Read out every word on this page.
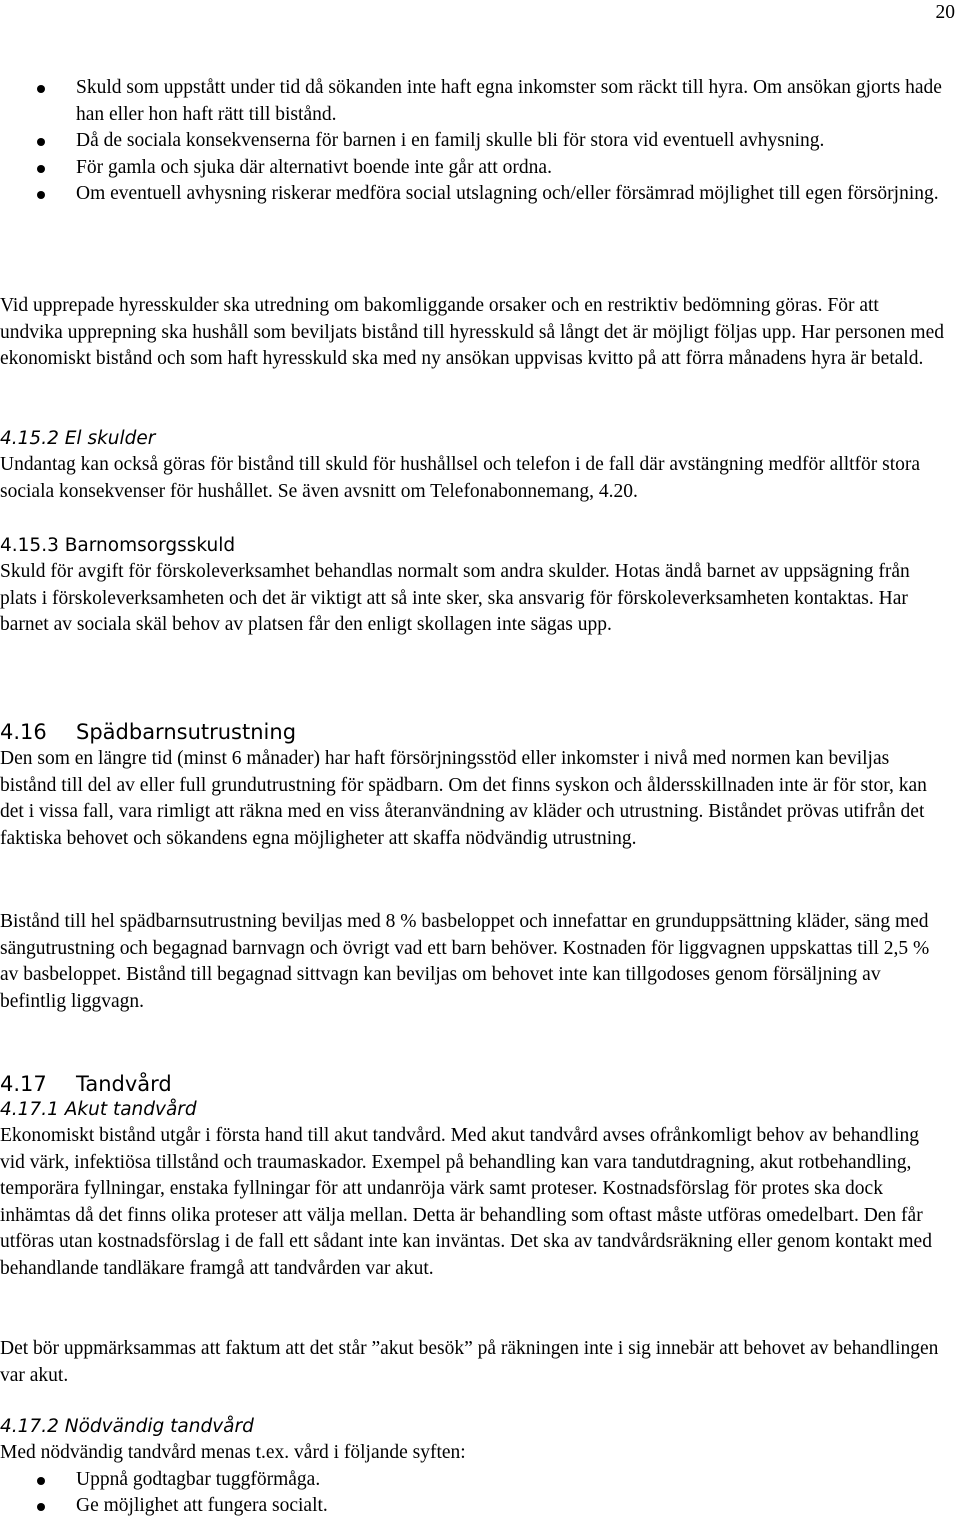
20
Skuld som uppstått under tid då sökanden inte haft egna inkomster som räckt till hyra. Om ansökan gjorts hade han eller hon haft rätt till bistånd.
Då de sociala konsekvenserna för barnen i en familj skulle bli för stora vid eventuell avhysning.
För gamla och sjuka där alternativt boende inte går att ordna.
Om eventuell avhysning riskerar medföra social utslagning och/eller försämrad möjlighet till egen försörjning.

Vid upprepade hyresskulder ska utredning om bakomliggande orsaker och en restriktiv bedömning göras. För att undvika upprepning ska hushåll som beviljats bistånd till hyresskuld så långt det är möjligt följas upp. Har personen med ekonomiskt bistånd och som haft hyresskuld ska med ny ansökan uppvisas kvitto på att förra månadens hyra är betald.

4.15.2 El skulder

Undantag kan också göras för bistånd till skuld för hushållsel och telefon i de fall där avstängning medför alltför stora sociala konsekvenser för hushållet. Se även avsnitt om Telefonabonnemang, 4.20.

4.15.3 Barnomsorgsskuld

Skuld för avgift för förskoleverksamhet behandlas normalt som andra skulder. Hotas ändå barnet av uppsägning från plats i förskoleverksamheten och det är viktigt att så inte sker, ska ansvarig för förskoleverksamheten kontaktas. Har barnet av sociala skäl behov av platsen får den enligt skollagen inte sägas upp.

4.16 Spädbarnsutrustning

Den som en längre tid (minst 6 månader) har haft försörjningsstöd eller inkomster i nivå med normen kan beviljas bistånd till del av eller full grundutrustning för spädbarn. Om det finns syskon och åldersskillnaden inte är för stor, kan det i vissa fall, vara rimligt att räkna med en viss återanvändning av kläder och utrustning. Biståndet prövas utifrån det faktiska behovet och sökandens egna möjligheter att skaffa nödvändig utrustning.

Bistånd till hel spädbarnsutrustning beviljas med 8 % basbeloppet och innefattar en grunduppsättning kläder, säng med sängutrustning och begagnad barnvagn och övrigt vad ett barn behöver. Kostnaden för liggvagnen uppskattas till 2,5 % av basbeloppet. Bistånd till begagnad sittvagn kan beviljas om behovet inte kan tillgodoses genom försäljning av befintlig liggvagn.

4.17 Tandvård
4.17.1 Akut tandvård

Ekonomiskt bistånd utgår i första hand till akut tandvård. Med akut tandvård avses ofrånkomligt behov av behandling vid värk, infektiösa tillstånd och traumaskador. Exempel på behandling kan vara tandutdragning, akut rotbehandling, temporära fyllningar, enstaka fyllningar för att undanröja värk samt proteser. Kostnadsförslag för protes ska dock inhämtas då det finns olika proteser att välja mellan. Detta är behandling som oftast måste utföras omedelbart. Den får utföras utan kostnadsförslag i de fall ett sådant inte kan inväntas. Det ska av tandvårdsräkning eller genom kontakt med behandlande tandläkare framgå att tandvården var akut.

Det bör uppmärksammas att faktum att det står ”akut besök” på räkningen inte i sig innebär att behovet av behandlingen var akut.

4.17.2 Nödvändig tandvård

Med nödvändig tandvård menas t.ex. vård i följande syften:

Uppnå godtagbar tuggförmåga.
Ge möjlighet att fungera socialt.
